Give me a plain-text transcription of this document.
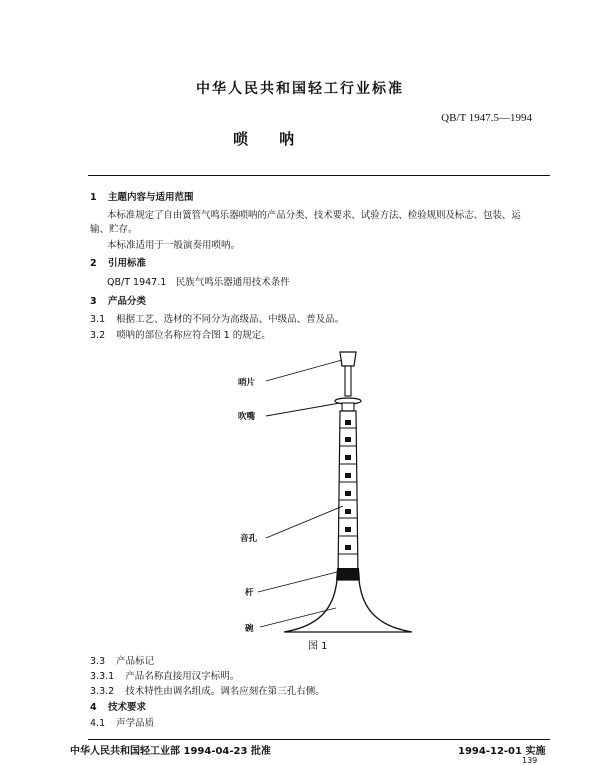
中华人民共和国轻工行业标准
QB/T 1947.5—1994
唢 呐
1 主题内容与适用范围
本标准规定了自由簧管气鸣乐器唢呐的产品分类、技术要求、试验方法、检验规则及标志、包装、运
输、贮存。
本标准适用于一般演奏用唢呐。
2 引用标准
QB/T 1947.1　民族气鸣乐器通用技术条件
3 产品分类
3.1 根据工艺、选材的不同分为高级品、中级品、普及品。
3.2 唢呐的部位名称应符合图 1 的规定。
哨片
吹嘴
音孔
杆
碗
图 1
3.3 产品标记
3.3.1 产品名称直接用汉字标明。
3.3.2 技术特性由调名组成。调名应刻在第三孔右侧。
4 技术要求
4.1 声学品质
中华人民共和国轻工业部 1994-04-23 批准	1994-12-01 实施
139
